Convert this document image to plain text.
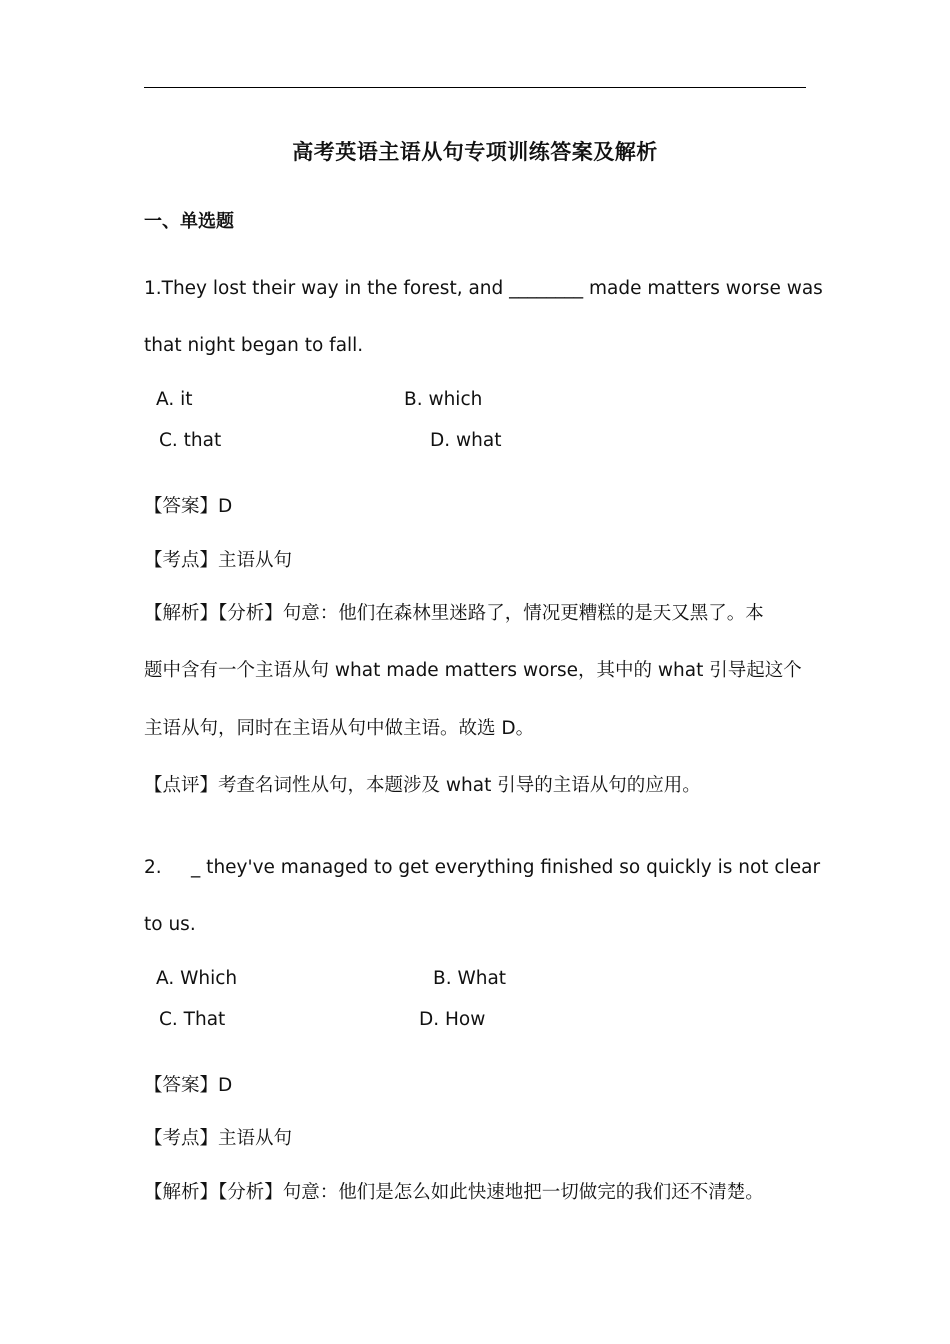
高考英语主语从句专项训练答案及解析
一、单选题
1.They lost their way in the forest, and ________ made matters worse was
that night began to fall.
A. it	B. which
C. that	D. what
【答案】D
【考点】主语从句
【解析】【分析】句意：他们在森林里迷路了，情况更糟糕的是天又黑了。本
题中含有一个主语从句 what made matters worse，其中的 what 引导起这个
主语从句，同时在主语从句中做主语。故选 D。
【点评】考查名词性从句，本题涉及 what 引导的主语从句的应用。
2.     _ they've managed to get everything finished so quickly is not clear
to us.
A. Which	B. What
C. That	D. How
【答案】D
【考点】主语从句
【解析】【分析】句意：他们是怎么如此快速地把一切做完的我们还不清楚。
